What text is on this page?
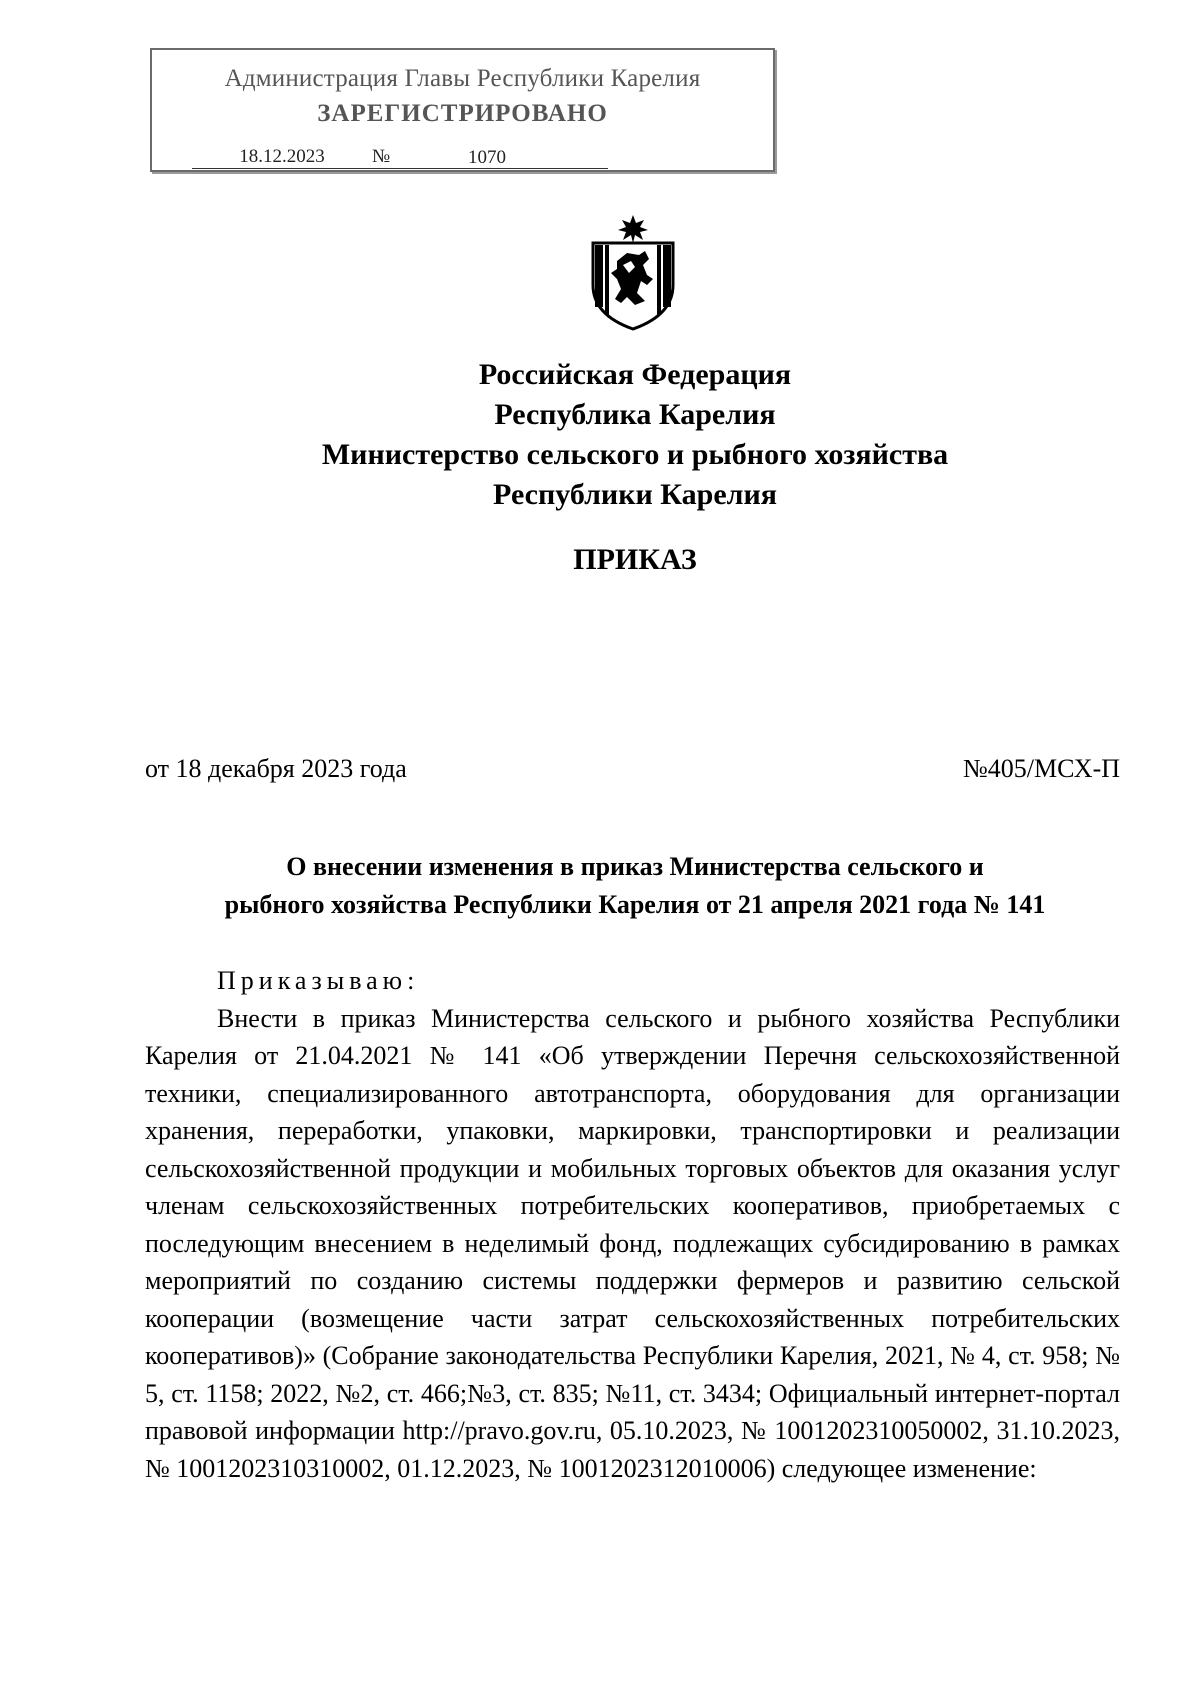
Администрация Главы Республики Карелия
ЗАРЕГИСТРИРОВАНО
18.12.2023 №	1070
Российская Федерация
Республика Карелия
Министерство сельского и рыбного хозяйства
Республики Карелия
ПРИКАЗ
от 18 декабря 2023 года	№405/МСХ-П
О внесении изменения в приказ Министерства сельского и
рыбного хозяйства Республики Карелия от 21 апреля 2021 года № 141

Приказываю:

Внести в приказ Министерства сельского и рыбного хозяйства Республики Карелия от 21.04.2021 № 141 «Об утверждении Перечня сельскохозяйственной техники, специализированного автотранспорта, оборудования для организации хранения, переработки, упаковки, маркировки, транспортировки и реализации сельскохозяйственной продукции и мобильных торговых объектов для оказания услуг членам сельскохозяйственных потребительских кооперативов, приобретаемых с последующим внесением в неделимый фонд, подлежащих субсидированию в рамках мероприятий по созданию системы поддержки фермеров и развитию сельской кооперации (возмещение части затрат сельскохозяйственных потребительских кооперативов)» (Собрание законодательства Республики Карелия, 2021, № 4, ст. 958; № 5, ст. 1158; 2022, №2, ст. 466;№3, ст. 835; №11, ст. 3434; Официальный интернет-портал правовой информации http://pravo.gov.ru, 05.10.2023, № 1001202310050002, 31.10.2023, № 1001202310310002, 01.12.2023, № 1001202312010006) следующее изменение:
